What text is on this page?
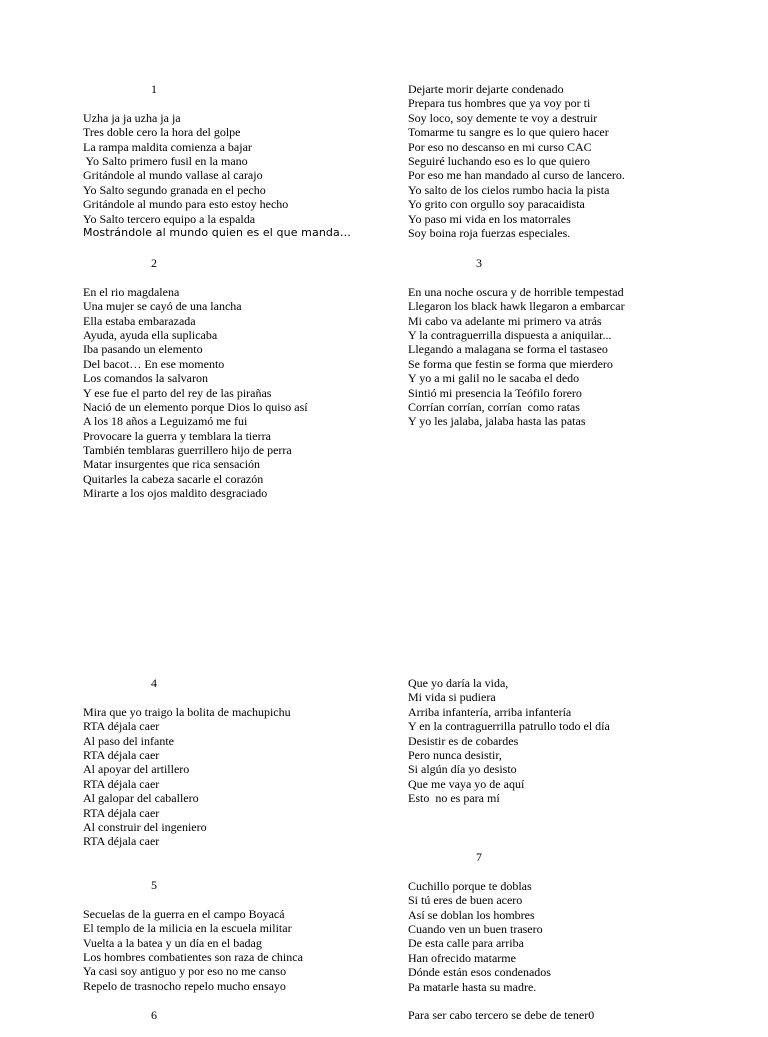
1
Uzha ja ja uzha ja ja
Tres doble cero la hora del golpe
La rampa maldita comienza a bajar
Yo Salto primero fusil en la mano
Gritándole al mundo vallase al carajo
Yo Salto segundo granada en el pecho
Gritándole al mundo para esto estoy hecho
Yo Salto tercero equipo a la espalda
Mostrándole al mundo quien es el que manda…
2
En el rio magdalena
Una mujer se cayó de una lancha
Ella estaba embarazada
Ayuda, ayuda ella suplicaba
Iba pasando un elemento
Del bacot… En ese momento
Los comandos la salvaron
Y ese fue el parto del rey de las pirañas
Nació de un elemento porque Dios lo quiso así
A los 18 años a Leguizamó me fui
Provocare la guerra y temblara la tierra
También temblaras guerrillero hijo de perra
Matar insurgentes que rica sensación
Quitarles la cabeza sacarle el corazón
Mirarte a los ojos maldito desgraciado
4
Mira que yo traigo la bolita de machupichu
RTA déjala caer
Al paso del infante
RTA déjala caer
Al apoyar del artillero
RTA déjala caer
Al galopar del caballero
RTA déjala caer
Al construir del ingeniero
RTA déjala caer
5
Secuelas de la guerra en el campo Boyacá
El templo de la milicia en la escuela militar
Vuelta a la batea y un día en el badag
Los hombres combatientes son raza de chinca
Ya casi soy antiguo y por eso no me canso
Repelo de trasnocho repelo mucho ensayo
6
Dejarte morir dejarte condenado
Prepara tus hombres que ya voy por ti
Soy loco, soy demente te voy a destruir
Tomarme tu sangre es lo que quiero hacer
Por eso no descanso en mi curso CAC
Seguiré luchando eso es lo que quiero
Por eso me han mandado al curso de lancero.
Yo salto de los cielos rumbo hacia la pista
Yo grito con orgullo soy paracaidista
Yo paso mi vida en los matorrales
Soy boina roja fuerzas especiales.
3
En una noche oscura y de horrible tempestad
Llegaron los black hawk llegaron a embarcar
Mi cabo va adelante mi primero va atrás
Y la contraguerrilla dispuesta a aniquilar...
Llegando a malagana se forma el tastaseo
Se forma que festin se forma que mierdero
Y yo a mi galil no le sacaba el dedo
Sintió mi presencia la Teófilo forero
Corrían corrían, corrían  como ratas
Y yo les jalaba, jalaba hasta las patas
Que yo daría la vida,
Mi vida si pudiera
Arriba infantería, arriba infantería
Y en la contraguerrilla patrullo todo el día
Desistir es de cobardes
Pero nunca desistir,
Si algún día yo desisto
Que me vaya yo de aquí
Esto  no es para mí
7
Cuchillo porque te doblas
Si tú eres de buen acero
Así se doblan los hombres
Cuando ven un buen trasero
De esta calle para arriba
Han ofrecido matarme
Dónde están esos condenados
Pa matarle hasta su madre.
Para ser cabo tercero se debe de tener0
